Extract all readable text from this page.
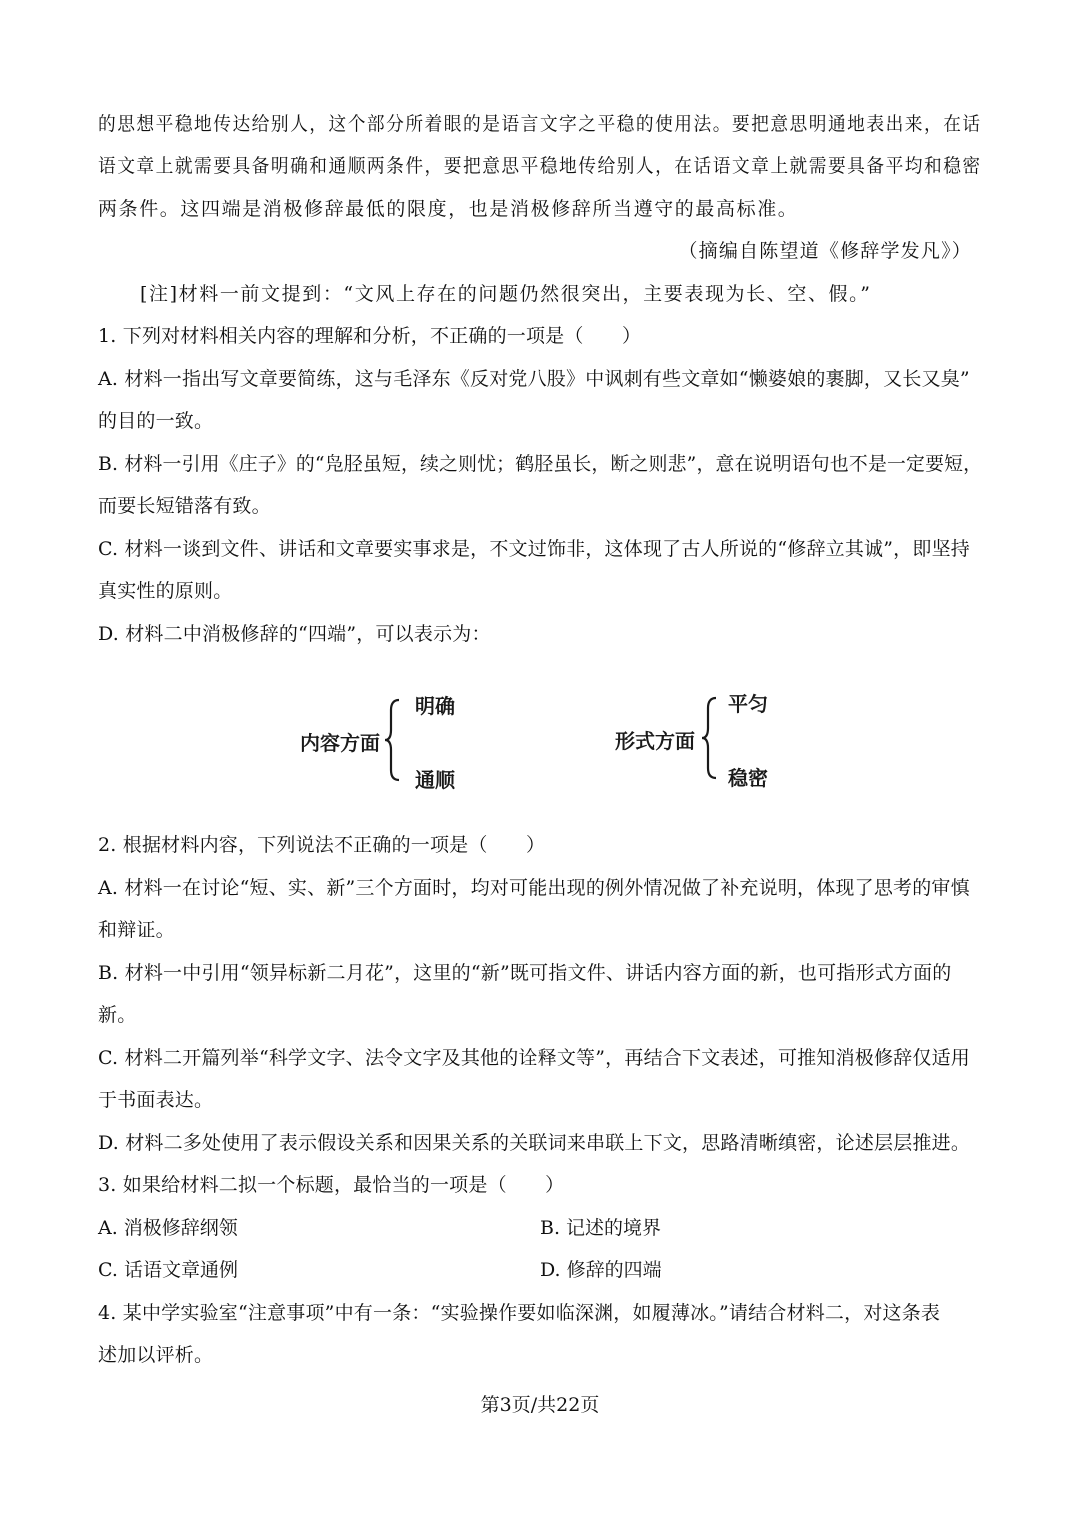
的思想平稳地传达给别人，这个部分所着眼的是语言文字之平稳的使用法。要把意思明通地表出来，在话
语文章上就需要具备明确和通顺两条件，要把意思平稳地传给别人，在话语文章上就需要具备平均和稳密
两条件。这四端是消极修辞最低的限度，也是消极修辞所当遵守的最高标准。
（摘编自陈望道《修辞学发凡》）
[注]材料一前文提到：“文风上存在的问题仍然很突出，主要表现为长、空、假。”
1. 下列对材料相关内容的理解和分析，不正确的一项是（　　）
A. 材料一指出写文章要简练，这与毛泽东《反对党八股》中讽刺有些文章如“懒婆娘的裹脚，又长又臭”
的目的一致。
B. 材料一引用《庄子》的“凫胫虽短，续之则忧；鹤胫虽长，断之则悲”，意在说明语句也不是一定要短，
而要长短错落有致。
C. 材料一谈到文件、讲话和文章要实事求是，不文过饰非，这体现了古人所说的“修辞立其诚”，即坚持
真实性的原则。
D. 材料二中消极修辞的“四端”，可以表示为：
内容方面
明确
通顺
形式方面
平匀
稳密
2. 根据材料内容，下列说法不正确的一项是（　　）
A. 材料一在讨论“短、实、新”三个方面时，均对可能出现的例外情况做了补充说明，体现了思考的审慎
和辩证。
B. 材料一中引用“领异标新二月花”，这里的“新”既可指文件、讲话内容方面的新，也可指形式方面的
新。
C. 材料二开篇列举“科学文字、法令文字及其他的诠释文等”，再结合下文表述，可推知消极修辞仅适用
于书面表达。
D. 材料二多处使用了表示假设关系和因果关系的关联词来串联上下文，思路清晰缜密，论述层层推进。
3. 如果给材料二拟一个标题，最恰当的一项是（　　）
A. 消极修辞纲领	B. 记述的境界
C. 话语文章通例	D. 修辞的四端
4. 某中学实验室“注意事项”中有一条：“实验操作要如临深渊，如履薄冰。”请结合材料二，对这条表
述加以评析。
第3页/共22页
